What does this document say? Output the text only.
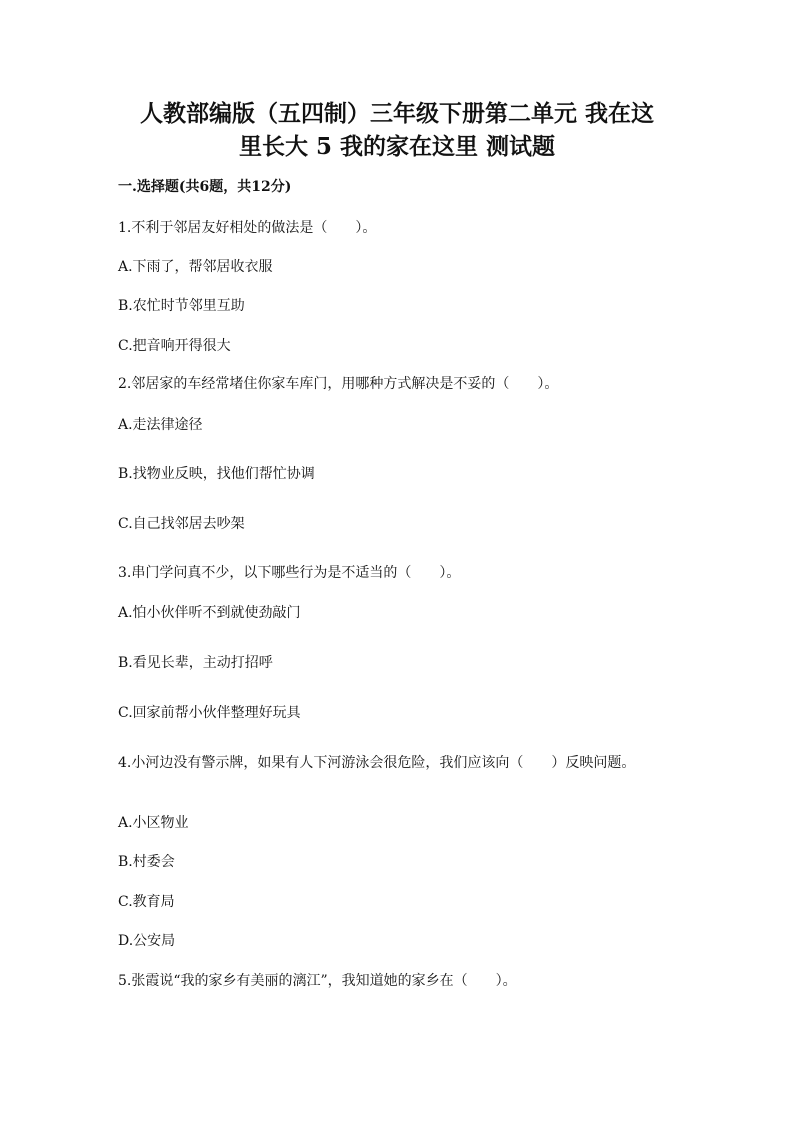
人教部编版（五四制）三年级下册第二单元 我在这
里长大 5 我的家在这里 测试题

一.选择题(共6题，共12分)

1.不利于邻居友好相处的做法是（　　）。

A.下雨了，帮邻居收衣服

B.农忙时节邻里互助

C.把音响开得很大

2.邻居家的车经常堵住你家车库门，用哪种方式解决是不妥的（　　）。

A.走法律途径

B.找物业反映，找他们帮忙协调

C.自己找邻居去吵架

3.串门学问真不少，以下哪些行为是不适当的（　　）。

A.怕小伙伴听不到就使劲敲门

B.看见长辈，主动打招呼

C.回家前帮小伙伴整理好玩具

4.小河边没有警示牌，如果有人下河游泳会很危险，我们应该向（　　）反映问题。

A.小区物业

B.村委会

C.教育局

D.公安局

5.张霞说“我的家乡有美丽的漓江”，我知道她的家乡在（　　）。
